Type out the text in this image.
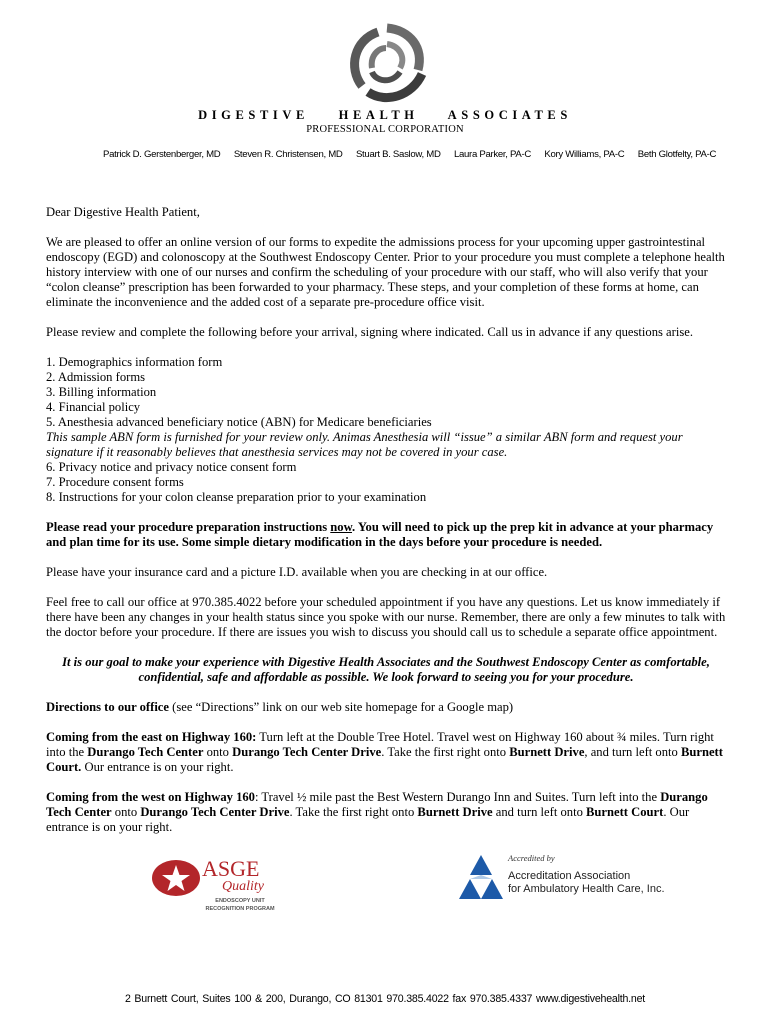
DIGESTIVE HEALTH ASSOCIATES
PROFESSIONAL CORPORATION
Patrick D. Gerstenberger, MD Steven R. Christensen, MD Stuart B. Saslow, MD Laura Parker, PA-C Kory Williams, PA-C Beth Glotfelty, PA-C

Dear Digestive Health Patient,

We are pleased to offer an online version of our forms to expedite the admissions process for your upcoming upper gastrointestinal endoscopy (EGD) and colonoscopy at the Southwest Endoscopy Center. Prior to your procedure you must complete a telephone health history interview with one of our nurses and confirm the scheduling of your procedure with our staff, who will also verify that your “colon cleanse” prescription has been forwarded to your pharmacy. These steps, and your completion of these forms at home, can eliminate the inconvenience and the added cost of a separate pre-procedure office visit.

Please review and complete the following before your arrival, signing where indicated. Call us in advance if any questions arise.

1. Demographics information form

2. Admission forms

3. Billing information

4. Financial policy

5. Anesthesia advanced beneficiary notice (ABN) for Medicare beneficiaries

This sample ABN form is furnished for your review only. Animas Anesthesia will “issue” a similar ABN form and request your signature if it reasonably believes that anesthesia services may not be covered in your case.

6. Privacy notice and privacy notice consent form

7. Procedure consent forms

8. Instructions for your colon cleanse preparation prior to your examination

Please read your procedure preparation instructions now. You will need to pick up the prep kit in advance at your pharmacy and plan time for its use. Some simple dietary modification in the days before your procedure is needed.

Please have your insurance card and a picture I.D. available when you are checking in at our office.

Feel free to call our office at 970.385.4022 before your scheduled appointment if you have any questions. Let us know immediately if there have been any changes in your health status since you spoke with our nurse. Remember, there are only a few minutes to talk with the doctor before your procedure. If there are issues you wish to discuss you should call us to schedule a separate office appointment.

It is our goal to make your experience with Digestive Health Associates and the Southwest Endoscopy Center as comfortable, confidential, safe and affordable as possible. We look forward to seeing you for your procedure.

Directions to our office (see “Directions” link on our web site homepage for a Google map)

Coming from the east on Highway 160: Turn left at the Double Tree Hotel. Travel west on Highway 160 about ¾ miles. Turn right into the Durango Tech Center onto Durango Tech Center Drive. Take the first right onto Burnett Drive, and turn left onto Burnett Court. Our entrance is on your right.

Coming from the west on Highway 160: Travel ½ mile past the Best Western Durango Inn and Suites. Turn left into the Durango Tech Center onto Durango Tech Center Drive. Take the first right onto Burnett Drive and turn left onto Burnett Court. Our entrance is on your right.

ASGE
Quality
ENDOSCOPY UNIT
RECOGNITION PROGRAM
Accredited by
Accreditation Association
for Ambulatory Health Care, Inc.
2 Burnett Court, Suites 100 & 200, Durango, CO 81301 970.385.4022 fax 970.385.4337 www.digestivehealth.net
